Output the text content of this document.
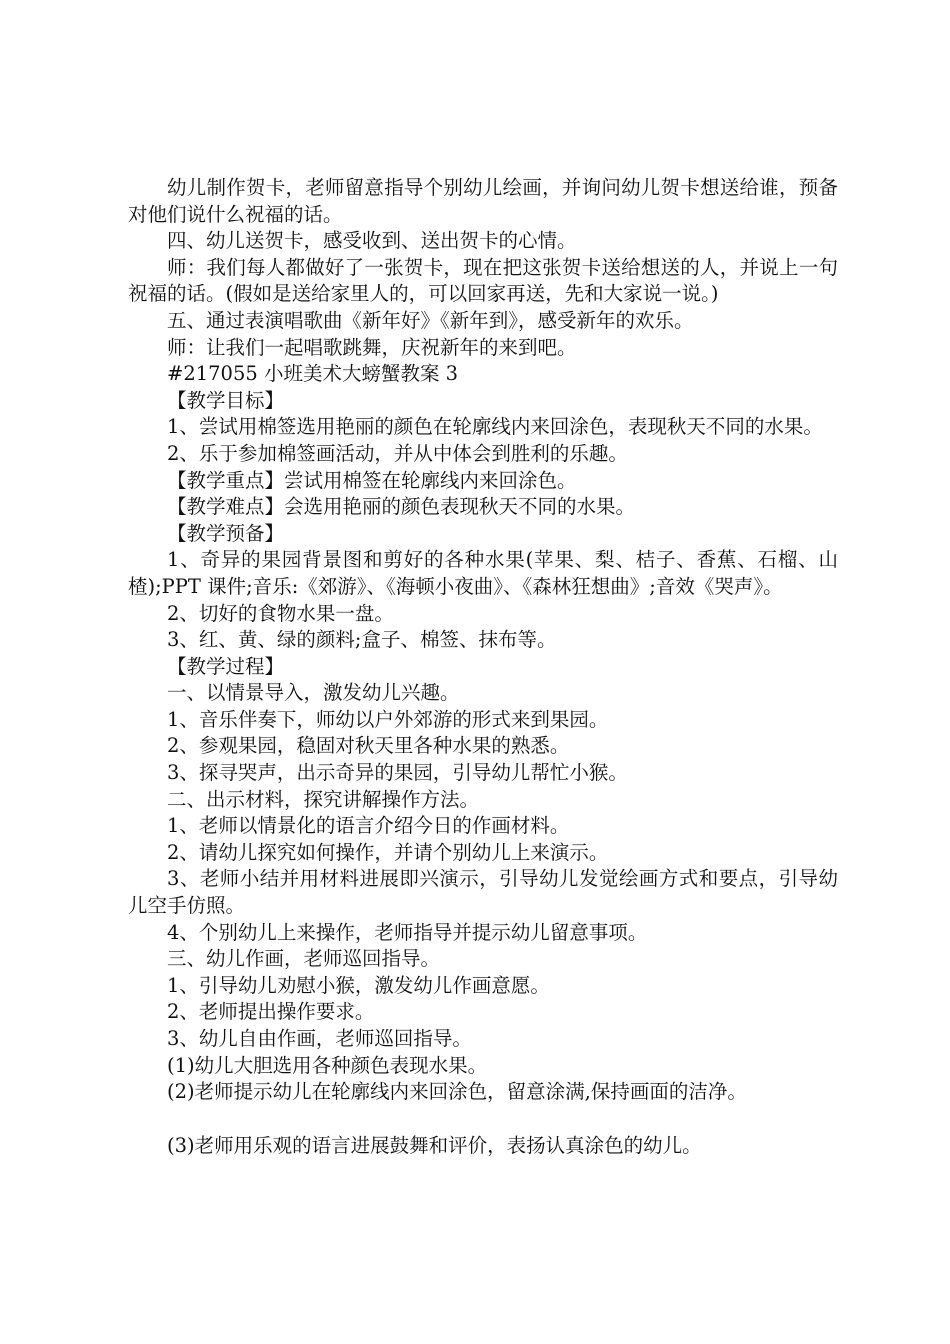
幼儿制作贺卡，老师留意指导个别幼儿绘画，并询问幼儿贺卡想送给谁，预备对他们说什么祝福的话。

四、幼儿送贺卡，感受收到、送出贺卡的心情。

师：我们每人都做好了一张贺卡，现在把这张贺卡送给想送的人，并说上一句祝福的话。(假如是送给家里人的，可以回家再送，先和大家说一说。)

五、通过表演唱歌曲《新年好》《新年到》，感受新年的欢乐。

师：让我们一起唱歌跳舞，庆祝新年的来到吧。

#217055 小班美术大螃蟹教案 3

【教学目标】

1、尝试用棉签选用艳丽的颜色在轮廓线内来回涂色，表现秋天不同的水果。

2、乐于参加棉签画活动，并从中体会到胜利的乐趣。

【教学重点】尝试用棉签在轮廓线内来回涂色。

【教学难点】会选用艳丽的颜色表现秋天不同的水果。

【教学预备】

1、奇异的果园背景图和剪好的各种水果(苹果、梨、桔子、香蕉、石榴、山楂);PPT 课件;音乐:《郊游》、《海顿小夜曲》、《森林狂想曲》;音效《哭声》。

2、切好的食物水果一盘。

3、红、黄、绿的颜料;盒子、棉签、抹布等。

【教学过程】

一、以情景导入，激发幼儿兴趣。

1、音乐伴奏下，师幼以户外郊游的形式来到果园。

2、参观果园，稳固对秋天里各种水果的熟悉。

3、探寻哭声，出示奇异的果园，引导幼儿帮忙小猴。

二、出示材料，探究讲解操作方法。

1、老师以情景化的语言介绍今日的作画材料。

2、请幼儿探究如何操作，并请个别幼儿上来演示。

3、老师小结并用材料进展即兴演示，引导幼儿发觉绘画方式和要点，引导幼儿空手仿照。

4、个别幼儿上来操作，老师指导并提示幼儿留意事项。

三、幼儿作画，老师巡回指导。

1、引导幼儿劝慰小猴，激发幼儿作画意愿。

2、老师提出操作要求。

3、幼儿自由作画，老师巡回指导。

(1)幼儿大胆选用各种颜色表现水果。

(2)老师提示幼儿在轮廓线内来回涂色，留意涂满,保持画面的洁净。

(3)老师用乐观的语言进展鼓舞和评价，表扬认真涂色的幼儿。
